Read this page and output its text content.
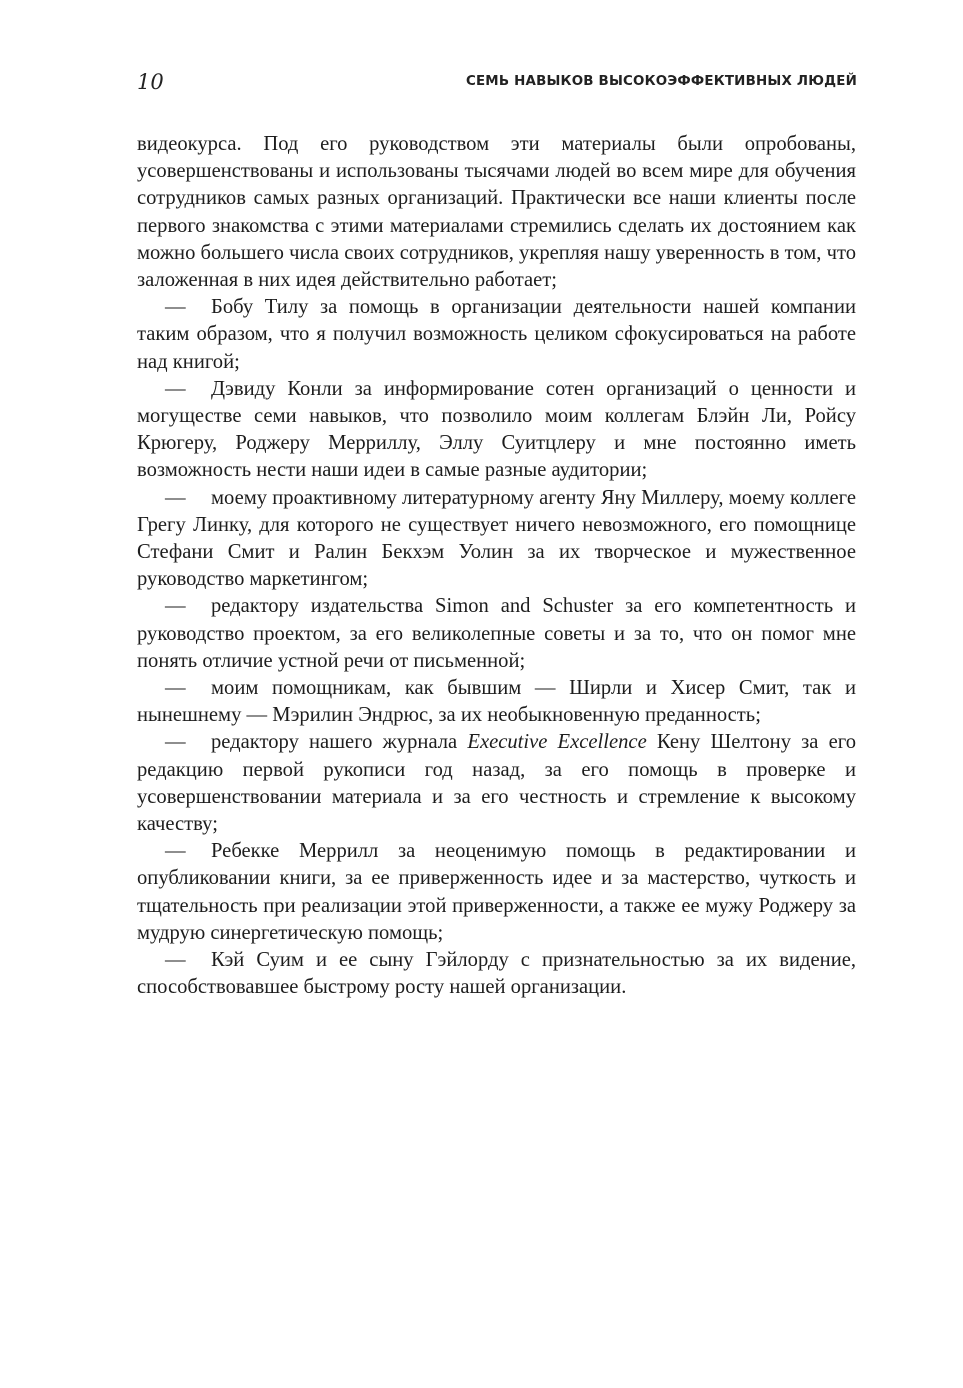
10	СЕМЬ НАВЫКОВ ВЫСОКОЭФФЕКТИВНЫХ ЛЮДЕЙ

видеокурса. Под его руководством эти материалы были опробованы, усовершенствованы и использованы тысячами людей во всем мире для обучения сотрудников самых разных организаций. Практически все наши клиенты после первого знакомства с этими материалами стремились сделать их достоянием как можно большего числа своих сотрудников, укрепляя нашу уверенность в том, что заложенная в них идея действительно работает;

— Бобу Тилу за помощь в организации деятельности нашей компании таким образом, что я получил возможность целиком сфокусироваться на работе над книгой;

— Дэвиду Конли за информирование сотен организаций о ценности и могуществе семи навыков, что позволило моим коллегам Блэйн Ли, Ройсу Крюгеру, Роджеру Мерриллу, Эллу Суитцлеру и мне постоянно иметь возможность нести наши идеи в самые разные аудитории;

— моему проактивному литературному агенту Яну Миллеру, моему коллеге Грегу Линку, для которого не существует ничего невозможного, его помощнице Стефани Смит и Ралин Бекхэм Уолин за их творческое и мужественное руководство маркетингом;

— редактору издательства Simon and Schuster за его компетентность и руководство проектом, за его великолепные советы и за то, что он помог мне понять отличие устной речи от письменной;

— моим помощникам, как бывшим — Ширли и Хисер Смит, так и нынешнему — Мэрилин Эндрюс, за их необыкновенную преданность;

— редактору нашего журнала Executive Excellence Кену Шелтону за его редакцию первой рукописи год назад, за его помощь в проверке и усовершенствовании материала и за его честность и стремление к высокому качеству;

— Ребекке Меррилл за неоценимую помощь в редактировании и опубликовании книги, за ее приверженность идее и за мастерство, чуткость и тщательность при реализации этой приверженности, а также ее мужу Роджеру за мудрую синергетическую помощь;

— Кэй Суим и ее сыну Гэйлорду с признательностью за их видение, способствовавшее быстрому росту нашей организации.
